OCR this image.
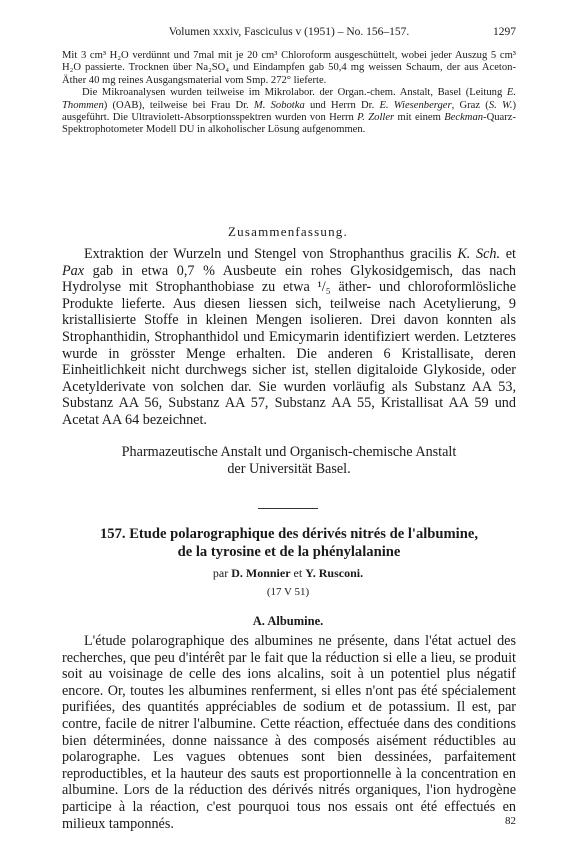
Volumen xxxiv, Fasciculus v (1951) – No. 156–157.	1297

Mit 3 cm³ H₂O verdünnt und 7mal mit je 20 cm³ Chloroform ausgeschüttelt, wobei jeder Auszug 5 cm³ H₂O passierte. Trocknen über Na₂SO₄ und Eindampfen gab 50,4 mg weissen Schaum, der aus Aceton-Äther 40 mg reines Ausgangsmaterial vom Smp. 272° lieferte.

Die Mikroanalysen wurden teilweise im Mikrolabor. der Organ.-chem. Anstalt, Basel (Leitung E. Thommen) (OAB), teilweise bei Frau Dr. M. Sobotka und Herrn Dr. E. Wiesenberger, Graz (S. W.) ausgeführt. Die Ultraviolett-Absorptionsspektren wurden von Herrn P. Zoller mit einem Beckman-Quarz-Spektrophotometer Modell DU in alkoholischer Lösung aufgenommen.

Zusammenfassung.

Extraktion der Wurzeln und Stengel von Strophanthus gracilis K. Sch. et Pax gab in etwa 0,7 % Ausbeute ein rohes Glykosidgemisch, das nach Hydrolyse mit Strophanthobiase zu etwa ¹/₅ äther- und chloroformlösliche Produkte lieferte. Aus diesen liessen sich, teilweise nach Acetylierung, 9 kristallisierte Stoffe in kleinen Mengen isolieren. Drei davon konnten als Strophanthidin, Strophanthidol und Emicymarin identifiziert werden. Letzteres wurde in grösster Menge erhalten. Die anderen 6 Kristallisate, deren Einheitlichkeit nicht durchwegs sicher ist, stellen digitaloide Glykoside, oder Acetylderivate von solchen dar. Sie wurden vorläufig als Substanz AA 53, Substanz AA 56, Substanz AA 57, Substanz AA 55, Kristallisat AA 59 und Acetat AA 64 bezeichnet.

Pharmazeutische Anstalt und Organisch-chemische Anstalt
der Universität Basel.
157. Etude polarographique des dérivés nitrés de l'albumine,
de la tyrosine et de la phénylalanine
par D. Monnier et Y. Rusconi.
(17 V 51)
A. Albumine.

L'étude polarographique des albumines ne présente, dans l'état actuel des recherches, que peu d'intérêt par le fait que la réduction si elle a lieu, se produit soit au voisinage de celle des ions alcalins, soit à un potentiel plus négatif encore. Or, toutes les albumines renferment, si elles n'ont pas été spécialement purifiées, des quantités appréciables de sodium et de potassium. Il est, par contre, facile de nitrer l'albumine. Cette réaction, effectuée dans des conditions bien déterminées, donne naissance à des composés aisément réductibles au polarographe. Les vagues obtenues sont bien dessinées, parfaitement reproductibles, et la hauteur des sauts est proportionnelle à la concentration en albumine. Lors de la réduction des dérivés nitrés organiques, l'ion hydrogène participe à la réaction, c'est pourquoi tous nos essais ont été effectués en milieux tamponnés.	82
